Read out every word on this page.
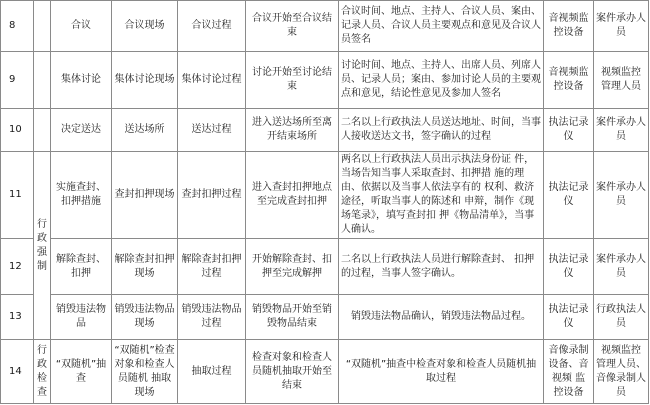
8		合议	合议现场	合议过程	合议开始至合议结束	合议时间、地点、主持人、合议人员、案由、记录人员、合议人员主要观点和意见及合议人员签名	音视频监控设备	案件承办人员
9		集体讨论	集体讨论现场	集体讨论过程	讨论开始至讨论结束	讨论时间、地点、主持人、出席人员、列席人员、记录人员；案由、参加讨论人员的主要观点和意见，结论性意见及参加人签名	音视频监控设备	视频监控 管理人员
10		决定送达	送达场所	送达过程	进入送达场所至离开结束场所	二名以上行政执法人员送达地址、时间，当事人接收送达文书，签字确认的过程	执法记录仪	案件承办人员
11	行政强制	实施查封、扣押措施	查封扣押现场	查封扣押过程	进入查封扣押地点至完成查封扣押	两名以上行政执法人员出示执法身份证 件，当场告知当事人采取查封、扣押措 施的理由、依据以及当事人依法享有的 权利、救济途径，听取当事人的陈述和 申辩，制作《现场笔录》，填写查封扣 押《物品清单》，当事人确认。	执法记录仪	案件承办人员
12		解除查封、扣押	解除查封扣押现场	解除查封扣押过程	开始解除查封、扣押至完成解押	二名以上行政执法人员进行解除查封、 扣押的过程，当事人签字确认。	执法记录仪	案件承办人员
13		销毁违法物品	销毁违法物品现场	销毁违法物品过程	销毁物品开始至销毁物品结束	销毁违法物品确认，销毁违法物品过程。	执法记录仪	行政执法人员
14	行政检查	“双随机”抽查	“双随机”检查对象和检查人员随机 抽取现场	抽取过程	检查对象和检查人员随机抽取开始至结束	“双随机”抽查中检查对象和检查人员随机抽取过程	音像录制设备、音视频 监 控设备	视频监控 管理人员、音像录制人员
